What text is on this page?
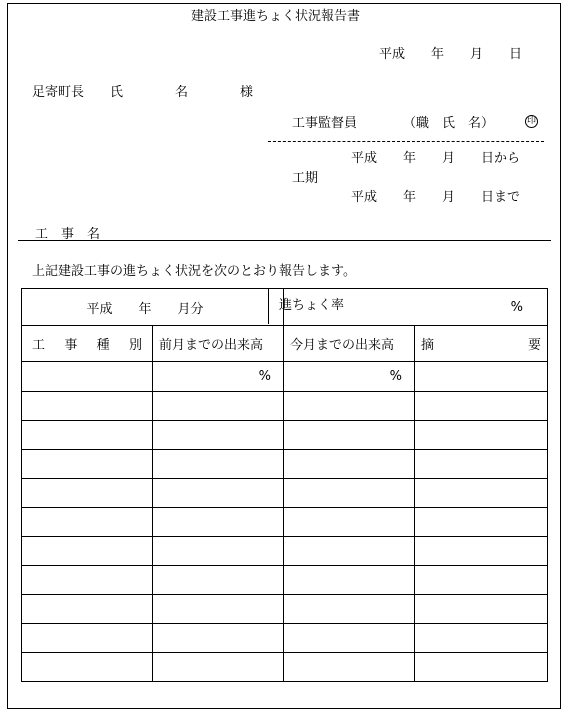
建設工事進ちょく状況報告書
平成　　年　　月　　日
足寄町長　　氏　　　　名　　　　様
工事監督員	（職　氏　名）	印
平成　　年　　月　　日から
工期
平成　　年　　月　　日まで
工　事　名
上記建設工事の進ちょく状況を次のとおり報告します。
平成　　年　　月分 進ちょく率		%	

工 事 種 別	前月までの出来高	今月までの出来高	摘 要

	%	%	
